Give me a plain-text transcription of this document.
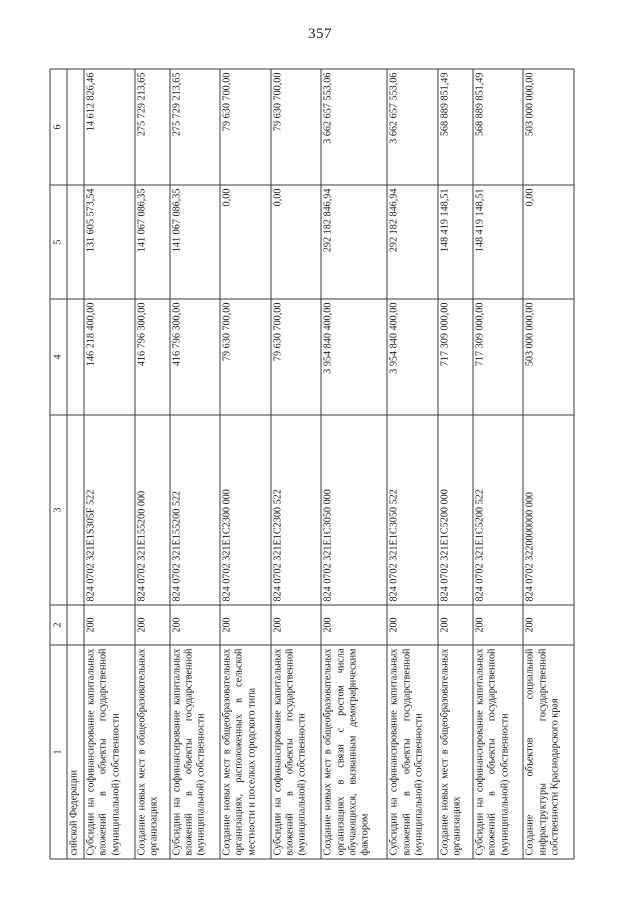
357
1	2	3	4	5	6
сийской Федерации					
Субсидии на софинансирование капитальных вложений в объекты государственной (муниципальной) собственности	200	824 0702 321E1S305F 522	146 218 400,00	131 605 573,54	14 612 826,46
Создание новых мест в общеобразовательных организациях	200	824 0702 321E155200 000	416 796 300,00	141 067 086,35	275 729 213,65
Субсидии на софинансирование капитальных вложений в объекты государственной (муниципальной) собственности	200	824 0702 321E155200 522	416 796 300,00	141 067 086,35	275 729 213,65
Создание новых мест в общеобразовательных организациях, расположенных в сельской местности и поселках городского типа	200	824 0702 321E1C2300 000	79 630 700,00	0,00	79 630 700,00
Субсидии на софинансирование капитальных вложений в объекты государственной (муниципальной) собственности	200	824 0702 321E1C2300 522	79 630 700,00	0,00	79 630 700,00
Создание новых мест в общеобразовательных организациях в связи с ростом числа обучающихся, вызванным демографическим фактором	200	824 0702 321E1C3050 000	3 954 840 400,00	292 182 846,94	3 662 657 553,06
Субсидии на софинансирование капитальных вложений в объекты государственной (муниципальной) собственности	200	824 0702 321E1C3050 522	3 954 840 400,00	292 182 846,94	3 662 657 553,06
Создание новых мест в общеобразовательных организациях	200	824 0702 321E1C5200 000	717 309 000,00	148 419 148,51	568 889 851,49
Субсидии на софинансирование капитальных вложений в объекты государственной (муниципальной) собственности	200	824 0702 321E1C5200 522	717 309 000,00	148 419 148,51	568 889 851,49
Создание объектов социальной инфраструктуры государственной собственности Краснодарского края	200	824 0702 3220000000 000	503 000 000,00	0,00	503 000 000,00
